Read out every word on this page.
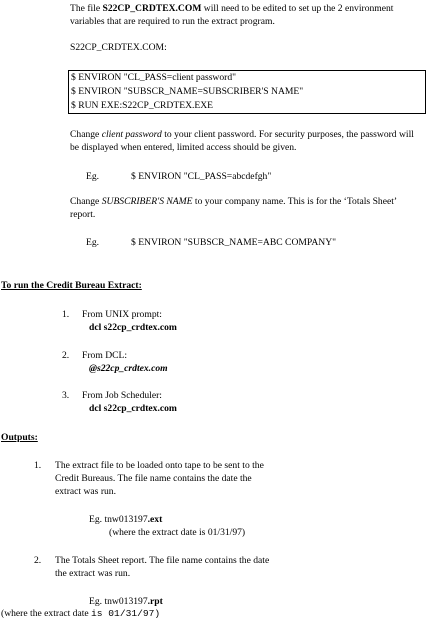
The file S22CP_CRDTEX.COM will need to be edited to set up the 2 environment
variables that are required to run the extract program.
S22CP_CRDTEX.COM:
$ ENVIRON "CL_PASS=client password"
$ ENVIRON "SUBSCR_NAME=SUBSCRIBER'S NAME"
$ RUN EXE:S22CP_CRDTEX.EXE
Change client password to your client password. For security purposes, the password will
be displayed when entered, limited access should be given.
Eg.	$ ENVIRON "CL_PASS=abcdefgh"
Change SUBSCRIBER'S NAME to your company name. This is for the ‘Totals Sheet’
report.
Eg.	$ ENVIRON "SUBSCR_NAME=ABC COMPANY"
To run the Credit Bureau Extract:
1. From UNIX prompt:
dcl s22cp_crdtex.com
2. From DCL:
@s22cp_crdtex.com
3. From Job Scheduler:
dcl s22cp_crdtex.com
Outputs:
1. The extract file to be loaded onto tape to be sent to the
Credit Bureaus. The file name contains the date the
extract was run.
Eg. tnw013197.ext
(where the extract date is 01/31/97)
2. The Totals Sheet report. The file name contains the date
the extract was run.
Eg. tnw013197.rpt
(where the extract date is 01/31/97)
